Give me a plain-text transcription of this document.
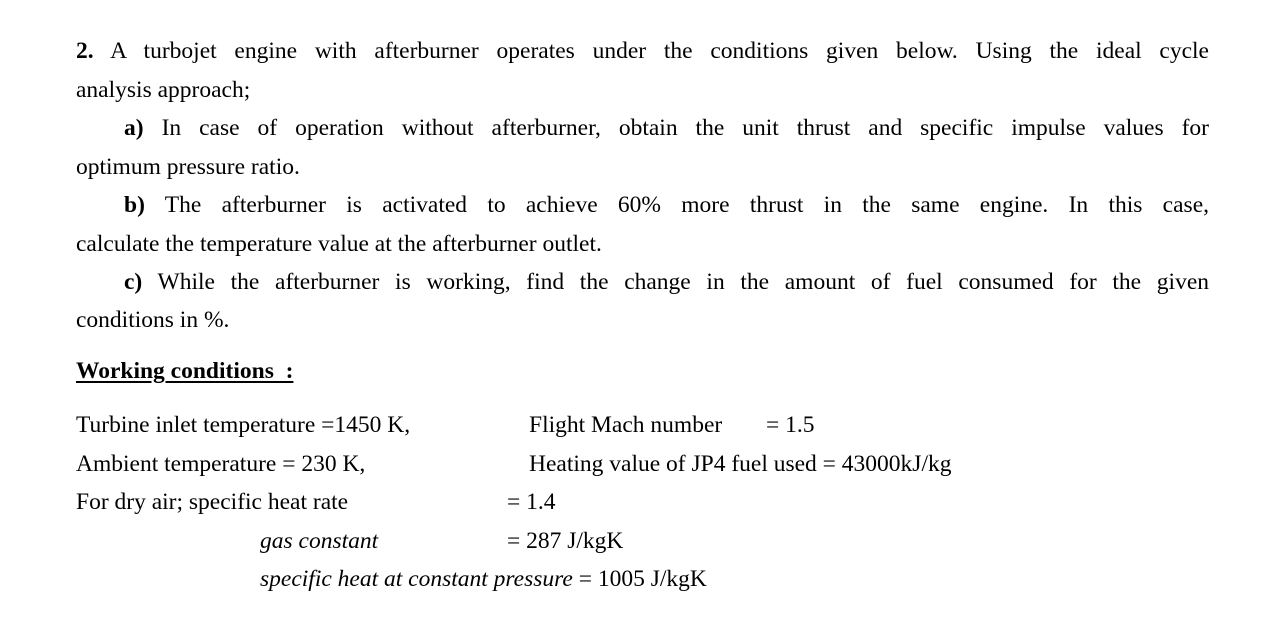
2. A turbojet engine with afterburner operates under the conditions given below. Using the ideal cycle
analysis approach;
a) In case of operation without afterburner, obtain the unit thrust and specific impulse values for
optimum pressure ratio.
b) The afterburner is activated to achieve 60% more thrust in the same engine. In this case,
calculate the temperature value at the afterburner outlet.
c) While the afterburner is working, find the change in the amount of fuel consumed for the given
conditions in %.
Working conditions  :
Turbine inlet temperature =1450 K,	Flight Mach number = 1.5
Ambient temperature = 230 K,	Heating value of JP4 fuel used = 43000kJ/kg
For dry air; specific heat rate	= 1.4
gas constant	= 287 J/kgK
specific heat at constant pressure = 1005 J/kgK
